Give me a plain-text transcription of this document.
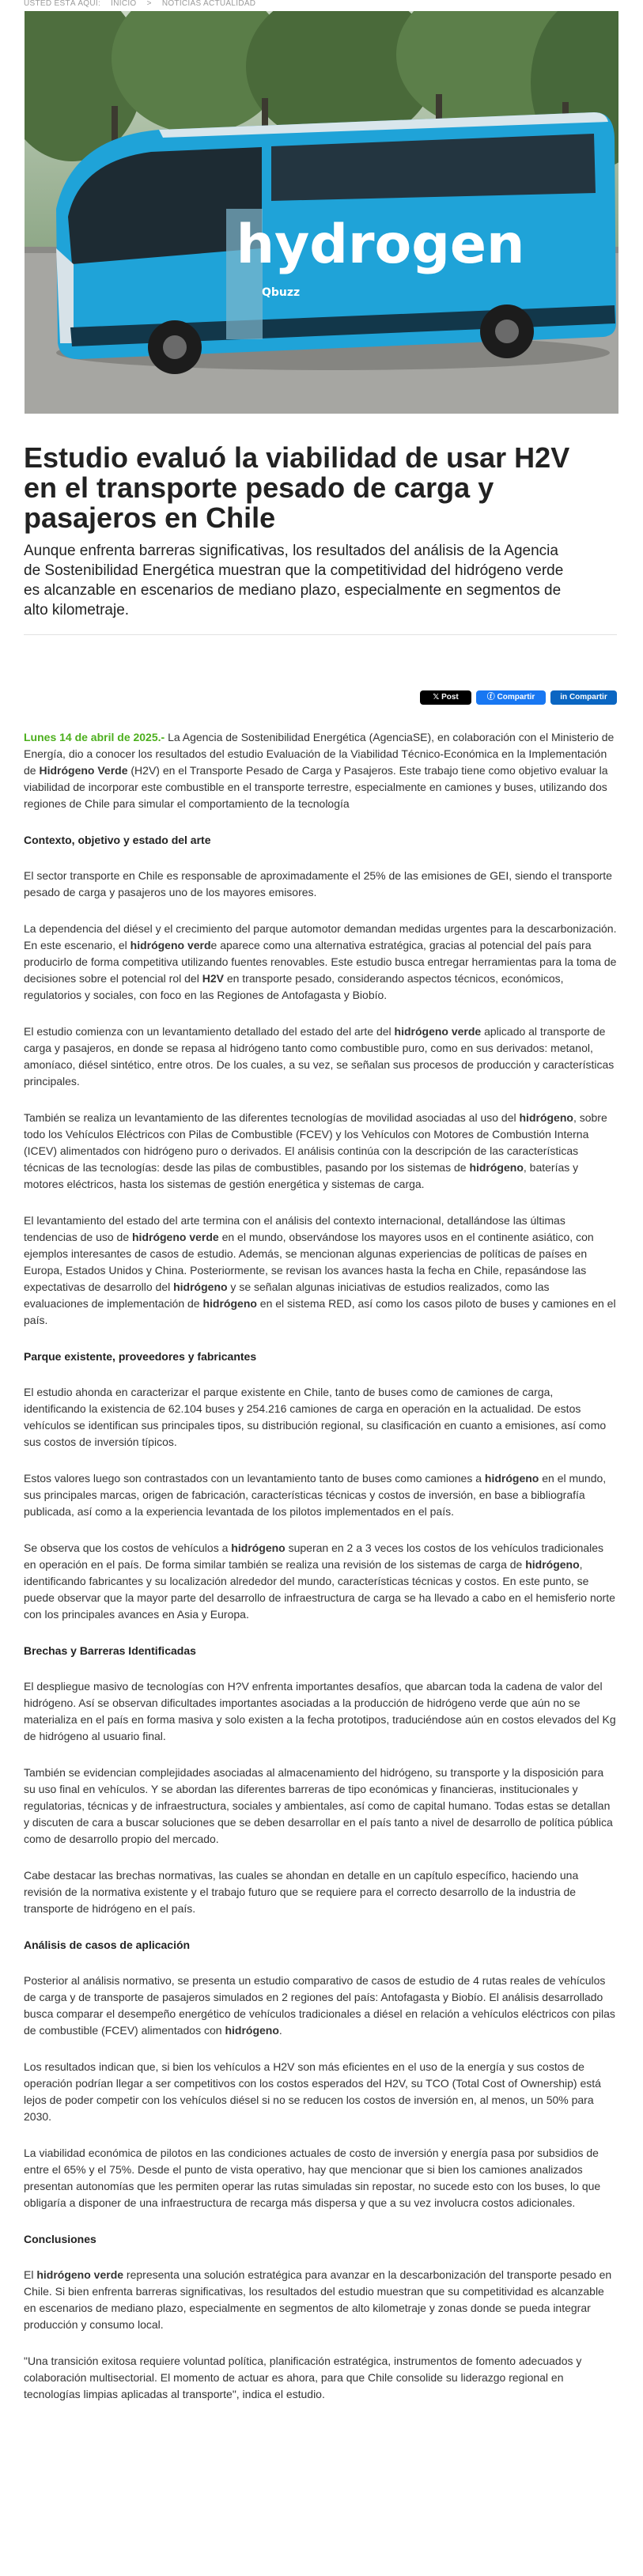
USTED ESTÁ AQUÍ: INICIO > NOTICIAS ACTUALIDAD
hydrogen
Qbuzz
Estudio evaluó la viabilidad de usar H2V en el transporte pesado de carga y pasajeros en Chile
Aunque enfrenta barreras significativas, los resultados del análisis de la Agencia de Sostenibilidad Energética muestran que la competitividad del hidrógeno verde es alcanzable en escenarios de mediano plazo, especialmente en segmentos de alto kilometraje.
𝕏 Post	ⓕ Compartir	in Compartir

Lunes 14 de abril de 2025.- La Agencia de Sostenibilidad Energética (AgenciaSE), en colaboración con el Ministerio de Energía, dio a conocer los resultados del estudio Evaluación de la Viabilidad Técnico-Económica en la Implementación de Hidrógeno Verde (H2V) en el Transporte Pesado de Carga y Pasajeros. Este trabajo tiene como objetivo evaluar la viabilidad de incorporar este combustible en el transporte terrestre, especialmente en camiones y buses, utilizando dos regiones de Chile para simular el comportamiento de la tecnología

Contexto, objetivo y estado del arte

El sector transporte en Chile es responsable de aproximadamente el 25% de las emisiones de GEI, siendo el transporte pesado de carga y pasajeros uno de los mayores emisores.

La dependencia del diésel y el crecimiento del parque automotor demandan medidas urgentes para la descarbonización. En este escenario, el hidrógeno verde aparece como una alternativa estratégica, gracias al potencial del país para producirlo de forma competitiva utilizando fuentes renovables. Este estudio busca entregar herramientas para la toma de decisiones sobre el potencial rol del H2V en transporte pesado, considerando aspectos técnicos, económicos, regulatorios y sociales, con foco en las Regiones de Antofagasta y Biobío.

El estudio comienza con un levantamiento detallado del estado del arte del hidrógeno verde aplicado al transporte de carga y pasajeros, en donde se repasa al hidrógeno tanto como combustible puro, como en sus derivados: metanol, amoníaco, diésel sintético, entre otros. De los cuales, a su vez, se señalan sus procesos de producción y características principales.

También se realiza un levantamiento de las diferentes tecnologías de movilidad asociadas al uso del hidrógeno, sobre todo los Vehículos Eléctricos con Pilas de Combustible (FCEV) y los Vehículos con Motores de Combustión Interna (ICEV) alimentados con hidrógeno puro o derivados. El análisis continúa con la descripción de las características técnicas de las tecnologías: desde las pilas de combustibles, pasando por los sistemas de hidrógeno, baterías y motores eléctricos, hasta los sistemas de gestión energética y sistemas de carga.

El levantamiento del estado del arte termina con el análisis del contexto internacional, detallándose las últimas tendencias de uso de hidrógeno verde en el mundo, observándose los mayores usos en el continente asiático, con ejemplos interesantes de casos de estudio. Además, se mencionan algunas experiencias de políticas de países en Europa, Estados Unidos y China. Posteriormente, se revisan los avances hasta la fecha en Chile, repasándose las expectativas de desarrollo del hidrógeno y se señalan algunas iniciativas de estudios realizados, como las evaluaciones de implementación de hidrógeno en el sistema RED, así como los casos piloto de buses y camiones en el país.

Parque existente, proveedores y fabricantes

El estudio ahonda en caracterizar el parque existente en Chile, tanto de buses como de camiones de carga, identificando la existencia de 62.104 buses y 254.216 camiones de carga en operación en la actualidad. De estos vehículos se identifican sus principales tipos, su distribución regional, su clasificación en cuanto a emisiones, así como sus costos de inversión típicos.

Estos valores luego son contrastados con un levantamiento tanto de buses como camiones a hidrógeno en el mundo, sus principales marcas, origen de fabricación, características técnicas y costos de inversión, en base a bibliografía publicada, así como a la experiencia levantada de los pilotos implementados en el país.

Se observa que los costos de vehículos a hidrógeno superan en 2 a 3 veces los costos de los vehículos tradicionales en operación en el país. De forma similar también se realiza una revisión de los sistemas de carga de hidrógeno, identificando fabricantes y su localización alrededor del mundo, características técnicas y costos. En este punto, se puede observar que la mayor parte del desarrollo de infraestructura de carga se ha llevado a cabo en el hemisferio norte con los principales avances en Asia y Europa.

Brechas y Barreras Identificadas

El despliegue masivo de tecnologías con H?V enfrenta importantes desafíos, que abarcan toda la cadena de valor del hidrógeno. Así se observan dificultades importantes asociadas a la producción de hidrógeno verde que aún no se materializa en el país en forma masiva y solo existen a la fecha prototipos, traduciéndose aún en costos elevados del Kg de hidrógeno al usuario final.

También se evidencian complejidades asociadas al almacenamiento del hidrógeno, su transporte y la disposición para su uso final en vehículos. Y se abordan las diferentes barreras de tipo económicas y financieras, institucionales y regulatorias, técnicas y de infraestructura, sociales y ambientales, así como de capital humano. Todas estas se detallan y discuten de cara a buscar soluciones que se deben desarrollar en el país tanto a nivel de desarrollo de política pública como de desarrollo propio del mercado.

Cabe destacar las brechas normativas, las cuales se ahondan en detalle en un capítulo específico, haciendo una revisión de la normativa existente y el trabajo futuro que se requiere para el correcto desarrollo de la industria de transporte de hidrógeno en el país.

Análisis de casos de aplicación

Posterior al análisis normativo, se presenta un estudio comparativo de casos de estudio de 4 rutas reales de vehículos de carga y de transporte de pasajeros simulados en 2 regiones del país: Antofagasta y Biobío. El análisis desarrollado busca comparar el desempeño energético de vehículos tradicionales a diésel en relación a vehículos eléctricos con pilas de combustible (FCEV) alimentados con hidrógeno.

Los resultados indican que, si bien los vehículos a H2V son más eficientes en el uso de la energía y sus costos de operación podrían llegar a ser competitivos con los costos esperados del H2V, su TCO (Total Cost of Ownership) está lejos de poder competir con los vehículos diésel si no se reducen los costos de inversión en, al menos, un 50% para 2030.

La viabilidad económica de pilotos en las condiciones actuales de costo de inversión y energía pasa por subsidios de entre el 65% y el 75%. Desde el punto de vista operativo, hay que mencionar que si bien los camiones analizados presentan autonomías que les permiten operar las rutas simuladas sin repostar, no sucede esto con los buses, lo que obligaría a disponer de una infraestructura de recarga más dispersa y que a su vez involucra costos adicionales.

Conclusiones

El hidrógeno verde representa una solución estratégica para avanzar en la descarbonización del transporte pesado en Chile. Si bien enfrenta barreras significativas, los resultados del estudio muestran que su competitividad es alcanzable en escenarios de mediano plazo, especialmente en segmentos de alto kilometraje y zonas donde se pueda integrar producción y consumo local.

"Una transición exitosa requiere voluntad política, planificación estratégica, instrumentos de fomento adecuados y colaboración multisectorial. El momento de actuar es ahora, para que Chile consolide su liderazgo regional en tecnologías limpias aplicadas al transporte", indica el estudio.
